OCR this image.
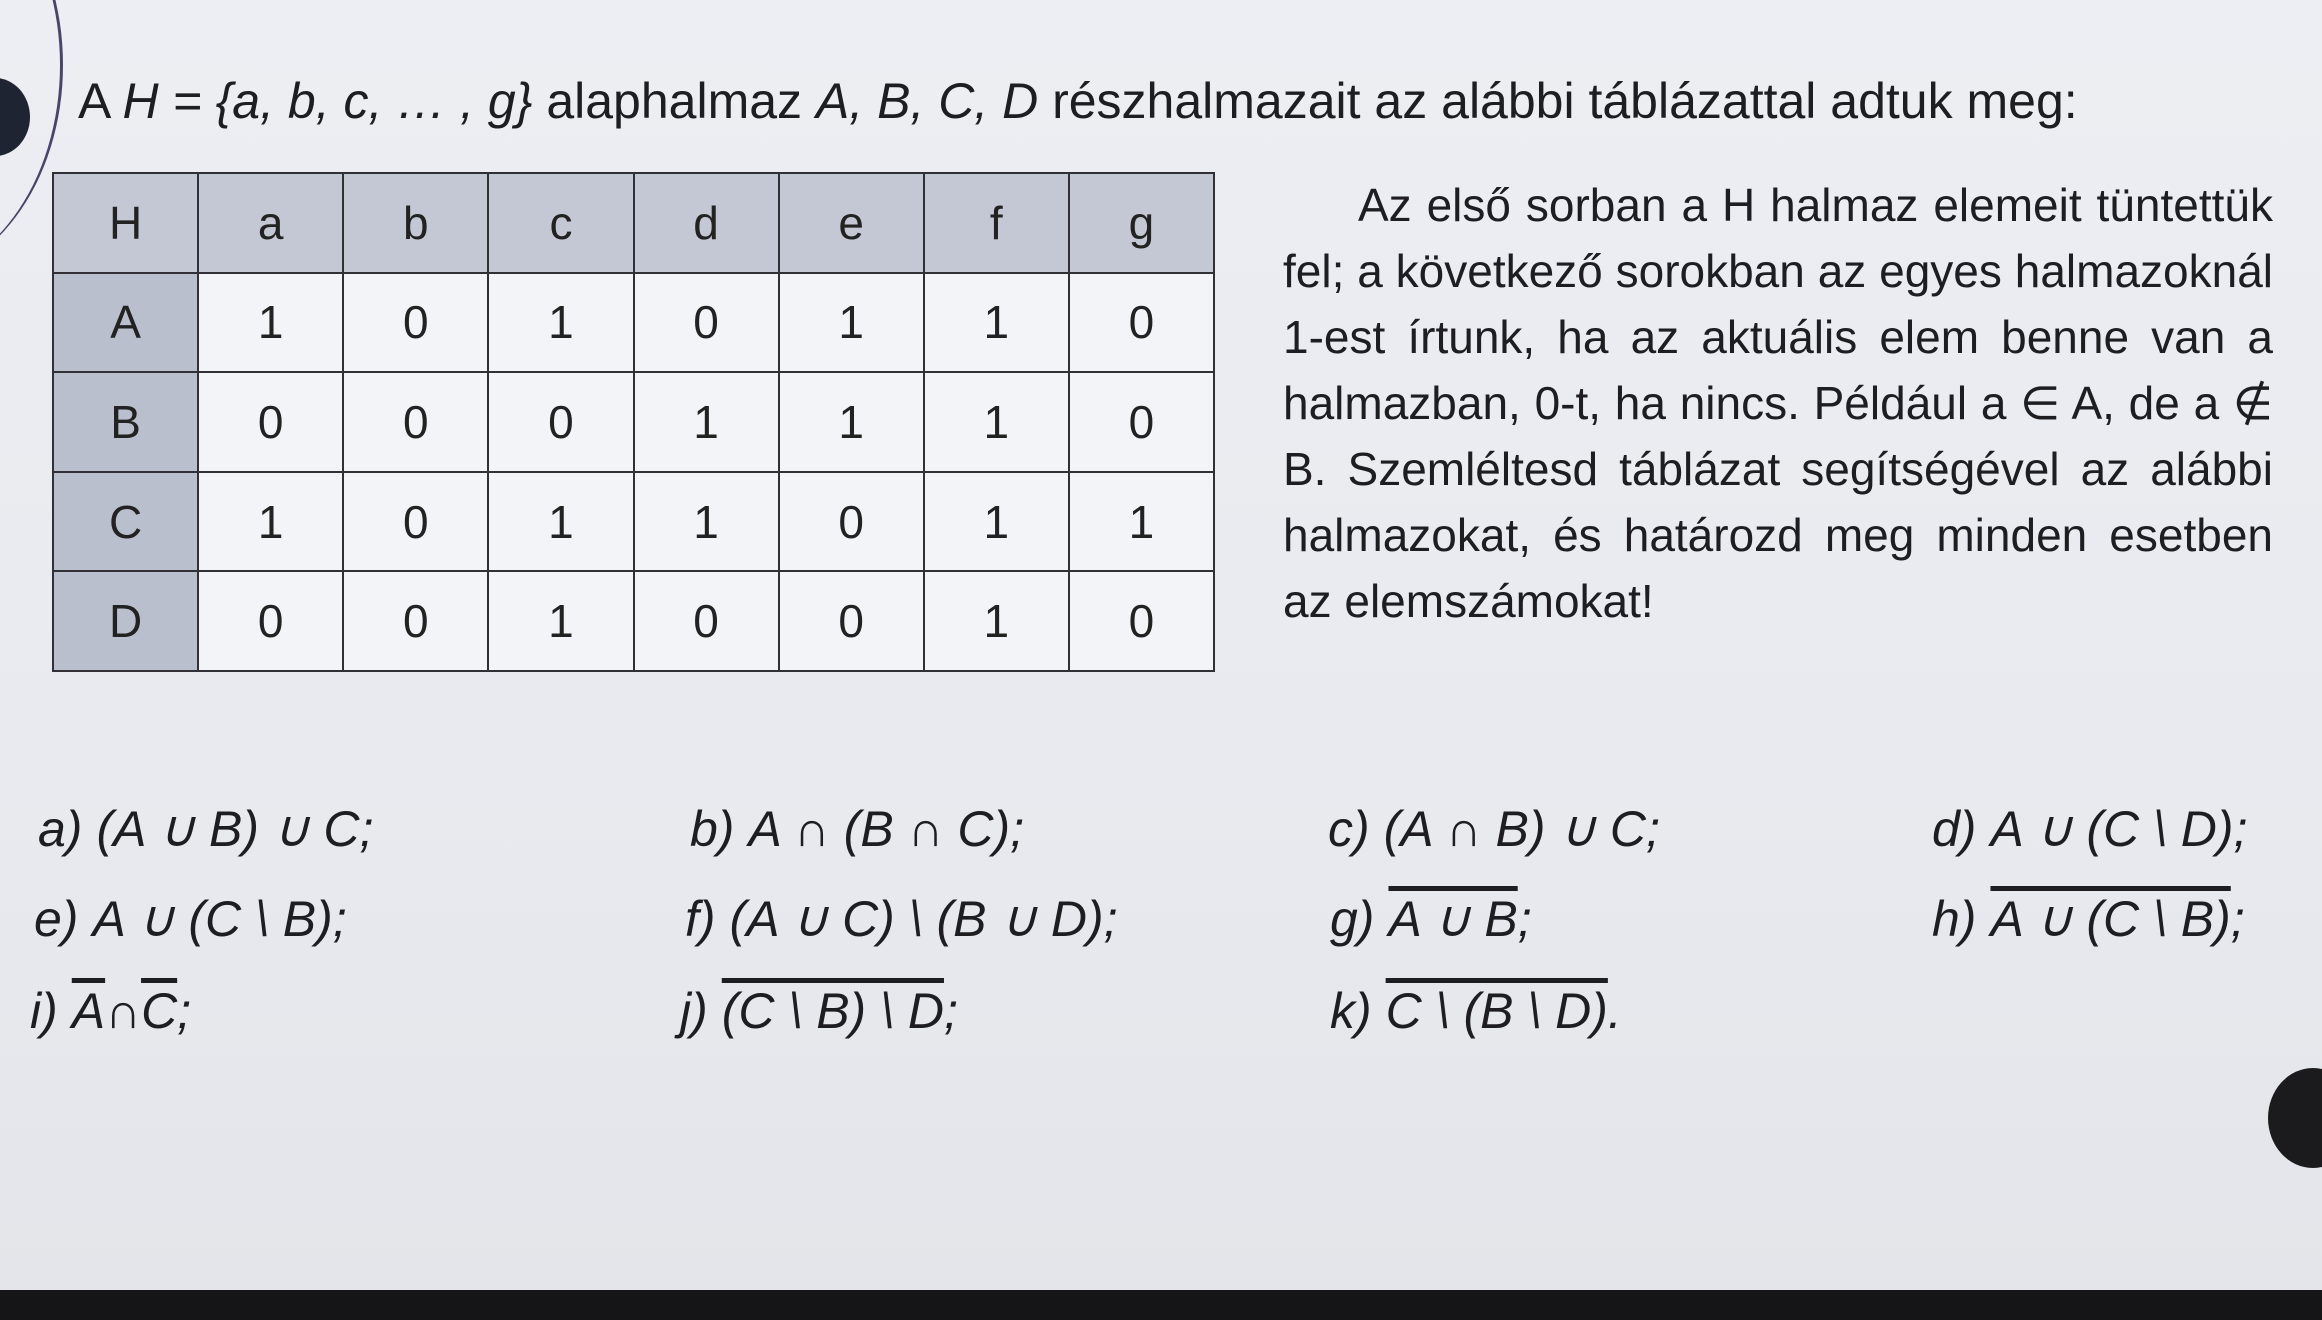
A H = {a, b, c, … , g} alaphalmaz A, B, C, D részhalmazait az alábbi táblázattal adtuk meg:
H	a	b	c	d	e	f	g
A	1	0	1	0	1	1	0
B	0	0	0	1	1	1	0
C	1	0	1	1	0	1	1
D	0	0	1	0	0	1	0
Az első sorban a H halmaz elemeit tüntettük fel; a következő sorokban az egyes halmazoknál 1-est írtunk, ha az aktuális elem benne van a halmazban, 0-t, ha nincs. Például a ∈ A, de a ∉ B. Szemléltesd táblázat segítségével az alábbi halmazokat, és határozd meg minden esetben az elemszámokat!
a) (A ∪ B) ∪ C;	b) A ∩ (B ∩ C);	c) (A ∩ B) ∪ C;	d) A ∪ (C \ D);
e) A ∪ (C \ B);	f) (A ∪ C) \ (B ∪ D);	g) A ∪ B;	h) A ∪ (C \ B);
i) $\overline{A}\cap\overline{C}$;	j) (C \ B) \ D;	k) C \ (B \ D).
